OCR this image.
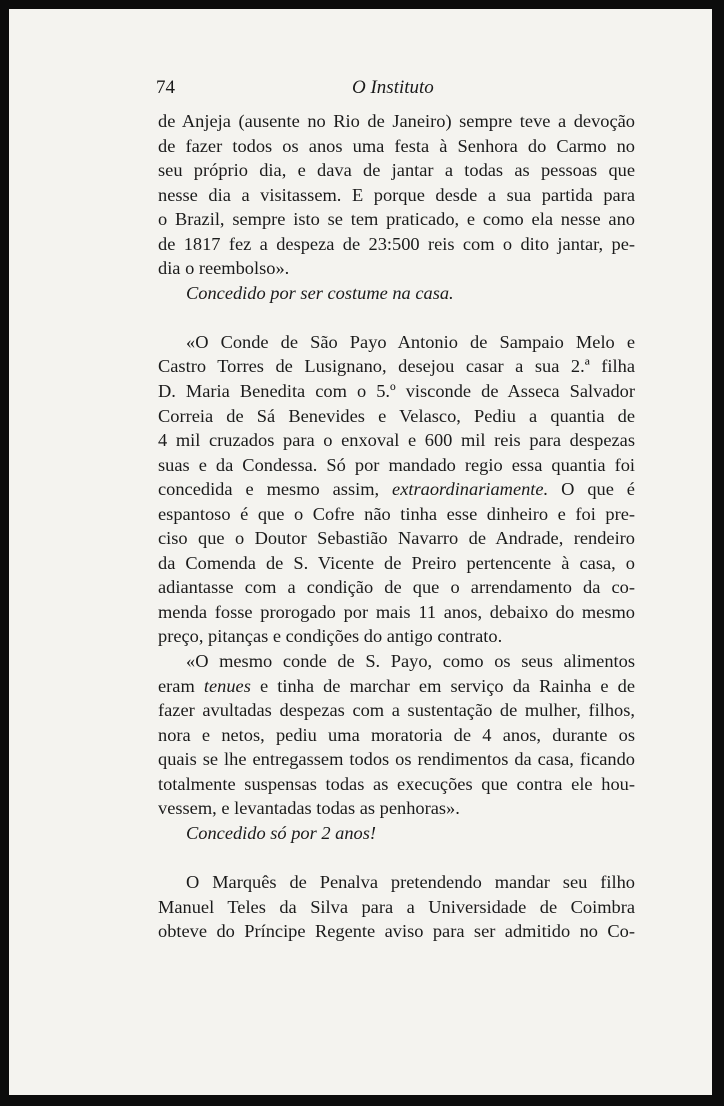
74	O Instituto
de Anjeja (ausente no Rio de Janeiro) sempre teve a devoção
de fazer todos os anos uma festa à Senhora do Carmo no
seu próprio dia, e dava de jantar a todas as pessoas que
nesse dia a visitassem. E porque desde a sua partida para
o Brazil, sempre isto se tem praticado, e como ela nesse ano
de 1817 fez a despeza de 23:500 reis com o dito jantar, pe-
dia o reembolso».
Concedido por ser costume na casa.
«O Conde de São Payo Antonio de Sampaio Melo e
Castro Torres de Lusignano, desejou casar a sua 2.ª filha
D. Maria Benedita com o 5.º visconde de Asseca Salvador
Correia de Sá Benevides e Velasco, Pediu a quantia de
4 mil cruzados para o enxoval e 600 mil reis para despezas
suas e da Condessa. Só por mandado regio essa quantia foi
concedida e mesmo assim, extraordinariamente. O que é
espantoso é que o Cofre não tinha esse dinheiro e foi pre-
ciso que o Doutor Sebastião Navarro de Andrade, rendeiro
da Comenda de S. Vicente de Preiro pertencente à casa, o
adiantasse com a condição de que o arrendamento da co-
menda fosse prorogado por mais 11 anos, debaixo do mesmo
preço, pitanças e condições do antigo contrato.
«O mesmo conde de S. Payo, como os seus alimentos
eram tenues e tinha de marchar em serviço da Rainha e de
fazer avultadas despezas com a sustentação de mulher, filhos,
nora e netos, pediu uma moratoria de 4 anos, durante os
quais se lhe entregassem todos os rendimentos da casa, ficando
totalmente suspensas todas as execuções que contra ele hou-
vessem, e levantadas todas as penhoras».
Concedido só por 2 anos!
O Marquês de Penalva pretendendo mandar seu filho
Manuel Teles da Silva para a Universidade de Coimbra
obteve do Príncipe Regente aviso para ser admitido no Co-
